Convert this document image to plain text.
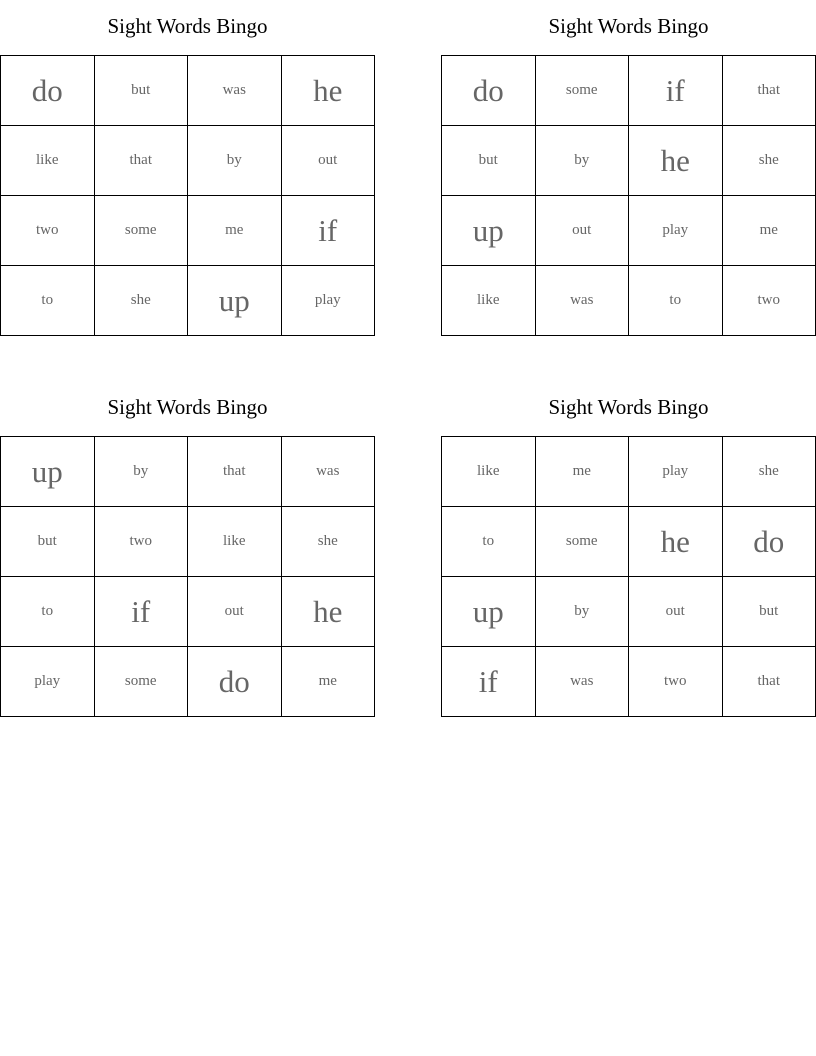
Sight Words Bingo
do	but	was	he
like	that	by	out
two	some	me	if
to	she	up	play
Sight Words Bingo
do	some	if	that
but	by	he	she
up	out	play	me
like	was	to	two
Sight Words Bingo
up	by	that	was
but	two	like	she
to	if	out	he
play	some	do	me
Sight Words Bingo
like	me	play	she
to	some	he	do
up	by	out	but
if	was	two	that
